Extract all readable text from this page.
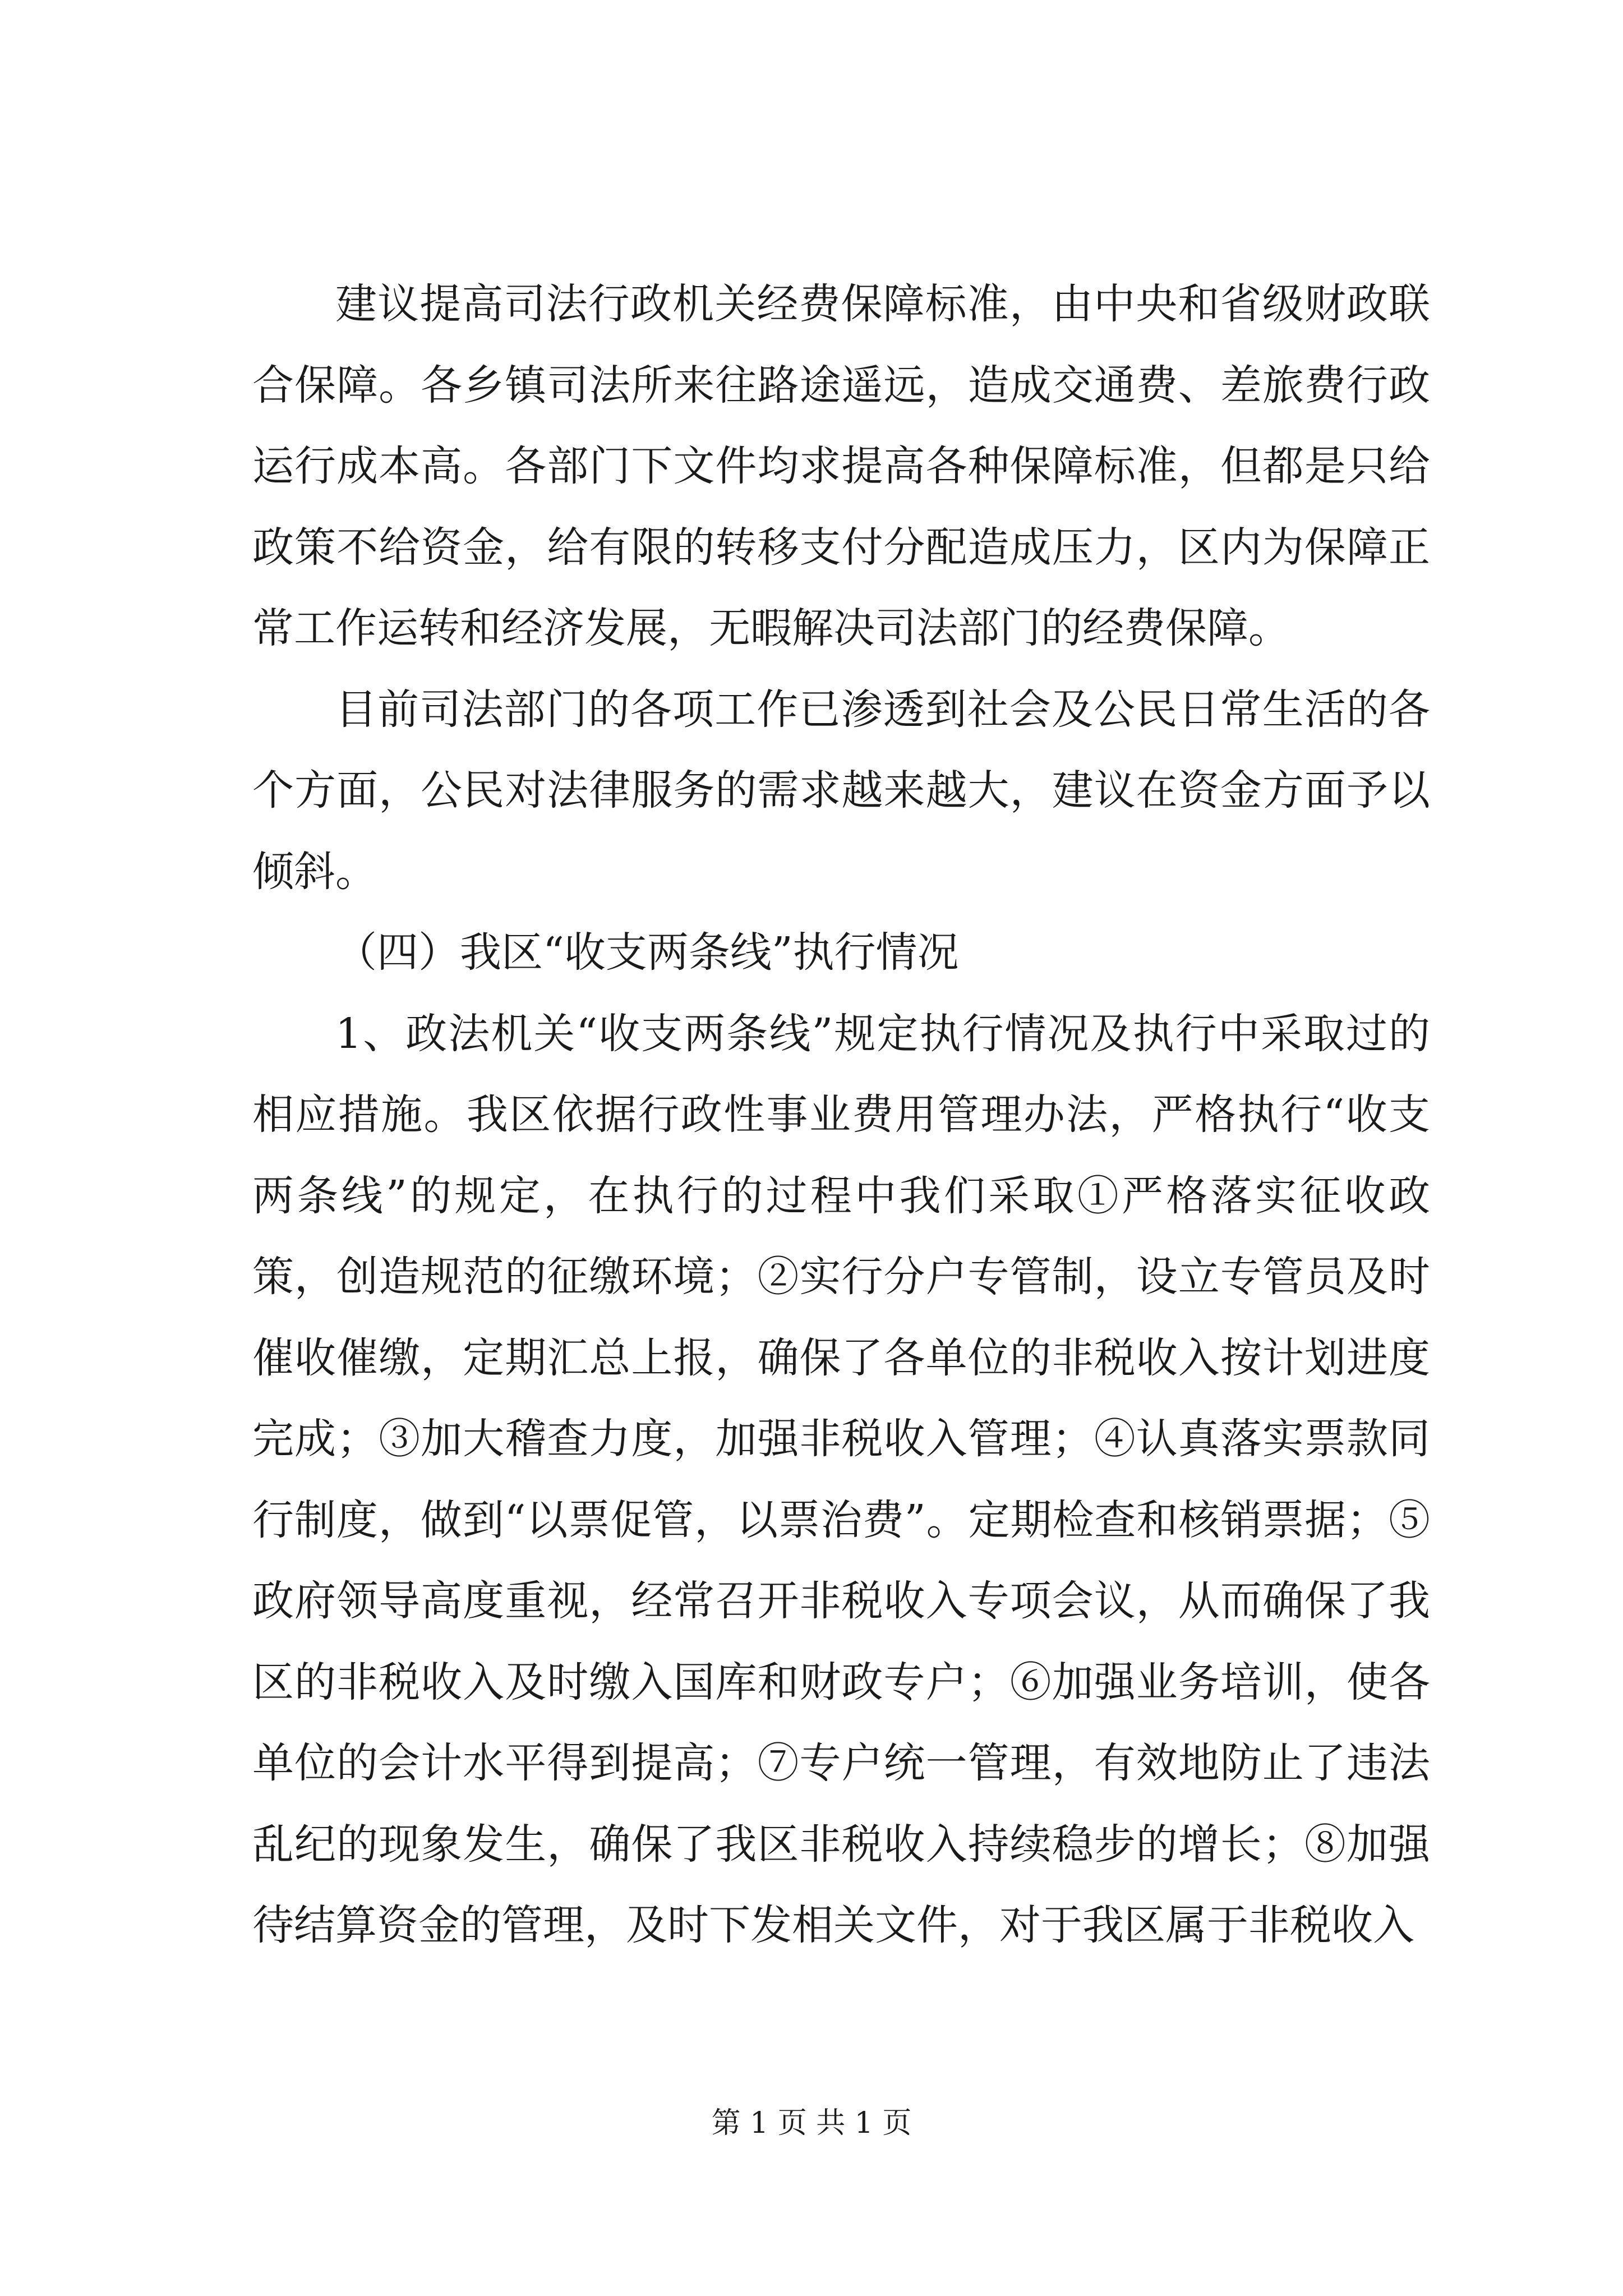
建议提高司法行政机关经费保障标准，由中央和省级财政联合保障。各乡镇司法所来往路途遥远，造成交通费、差旅费行政运行成本高。各部门下文件均求提高各种保障标准，但都是只给政策不给资金，给有限的转移支付分配造成压力，区内为保障正常工作运转和经济发展，无暇解决司法部门的经费保障。

目前司法部门的各项工作已渗透到社会及公民日常生活的各个方面，公民对法律服务的需求越来越大，建议在资金方面予以倾斜。

（四）我区“收支两条线”执行情况

1、政法机关“收支两条线”规定执行情况及执行中采取过的相应措施。我区依据行政性事业费用管理办法，严格执行“收支两条线”的规定，在执行的过程中我们采取①严格落实征收政策，创造规范的征缴环境；②实行分户专管制，设立专管员及时催收催缴，定期汇总上报，确保了各单位的非税收入按计划进度完成；③加大稽查力度，加强非税收入管理；④认真落实票款同行制度，做到“以票促管，以票治费”。定期检查和核销票据；⑤政府领导高度重视，经常召开非税收入专项会议，从而确保了我区的非税收入及时缴入国库和财政专户；⑥加强业务培训，使各单位的会计水平得到提高；⑦专户统一管理，有效地防止了违法乱纪的现象发生，确保了我区非税收入持续稳步的增长；⑧加强待结算资金的管理，及时下发相关文件，对于我区属于非税收入

第 1 页 共 1 页
